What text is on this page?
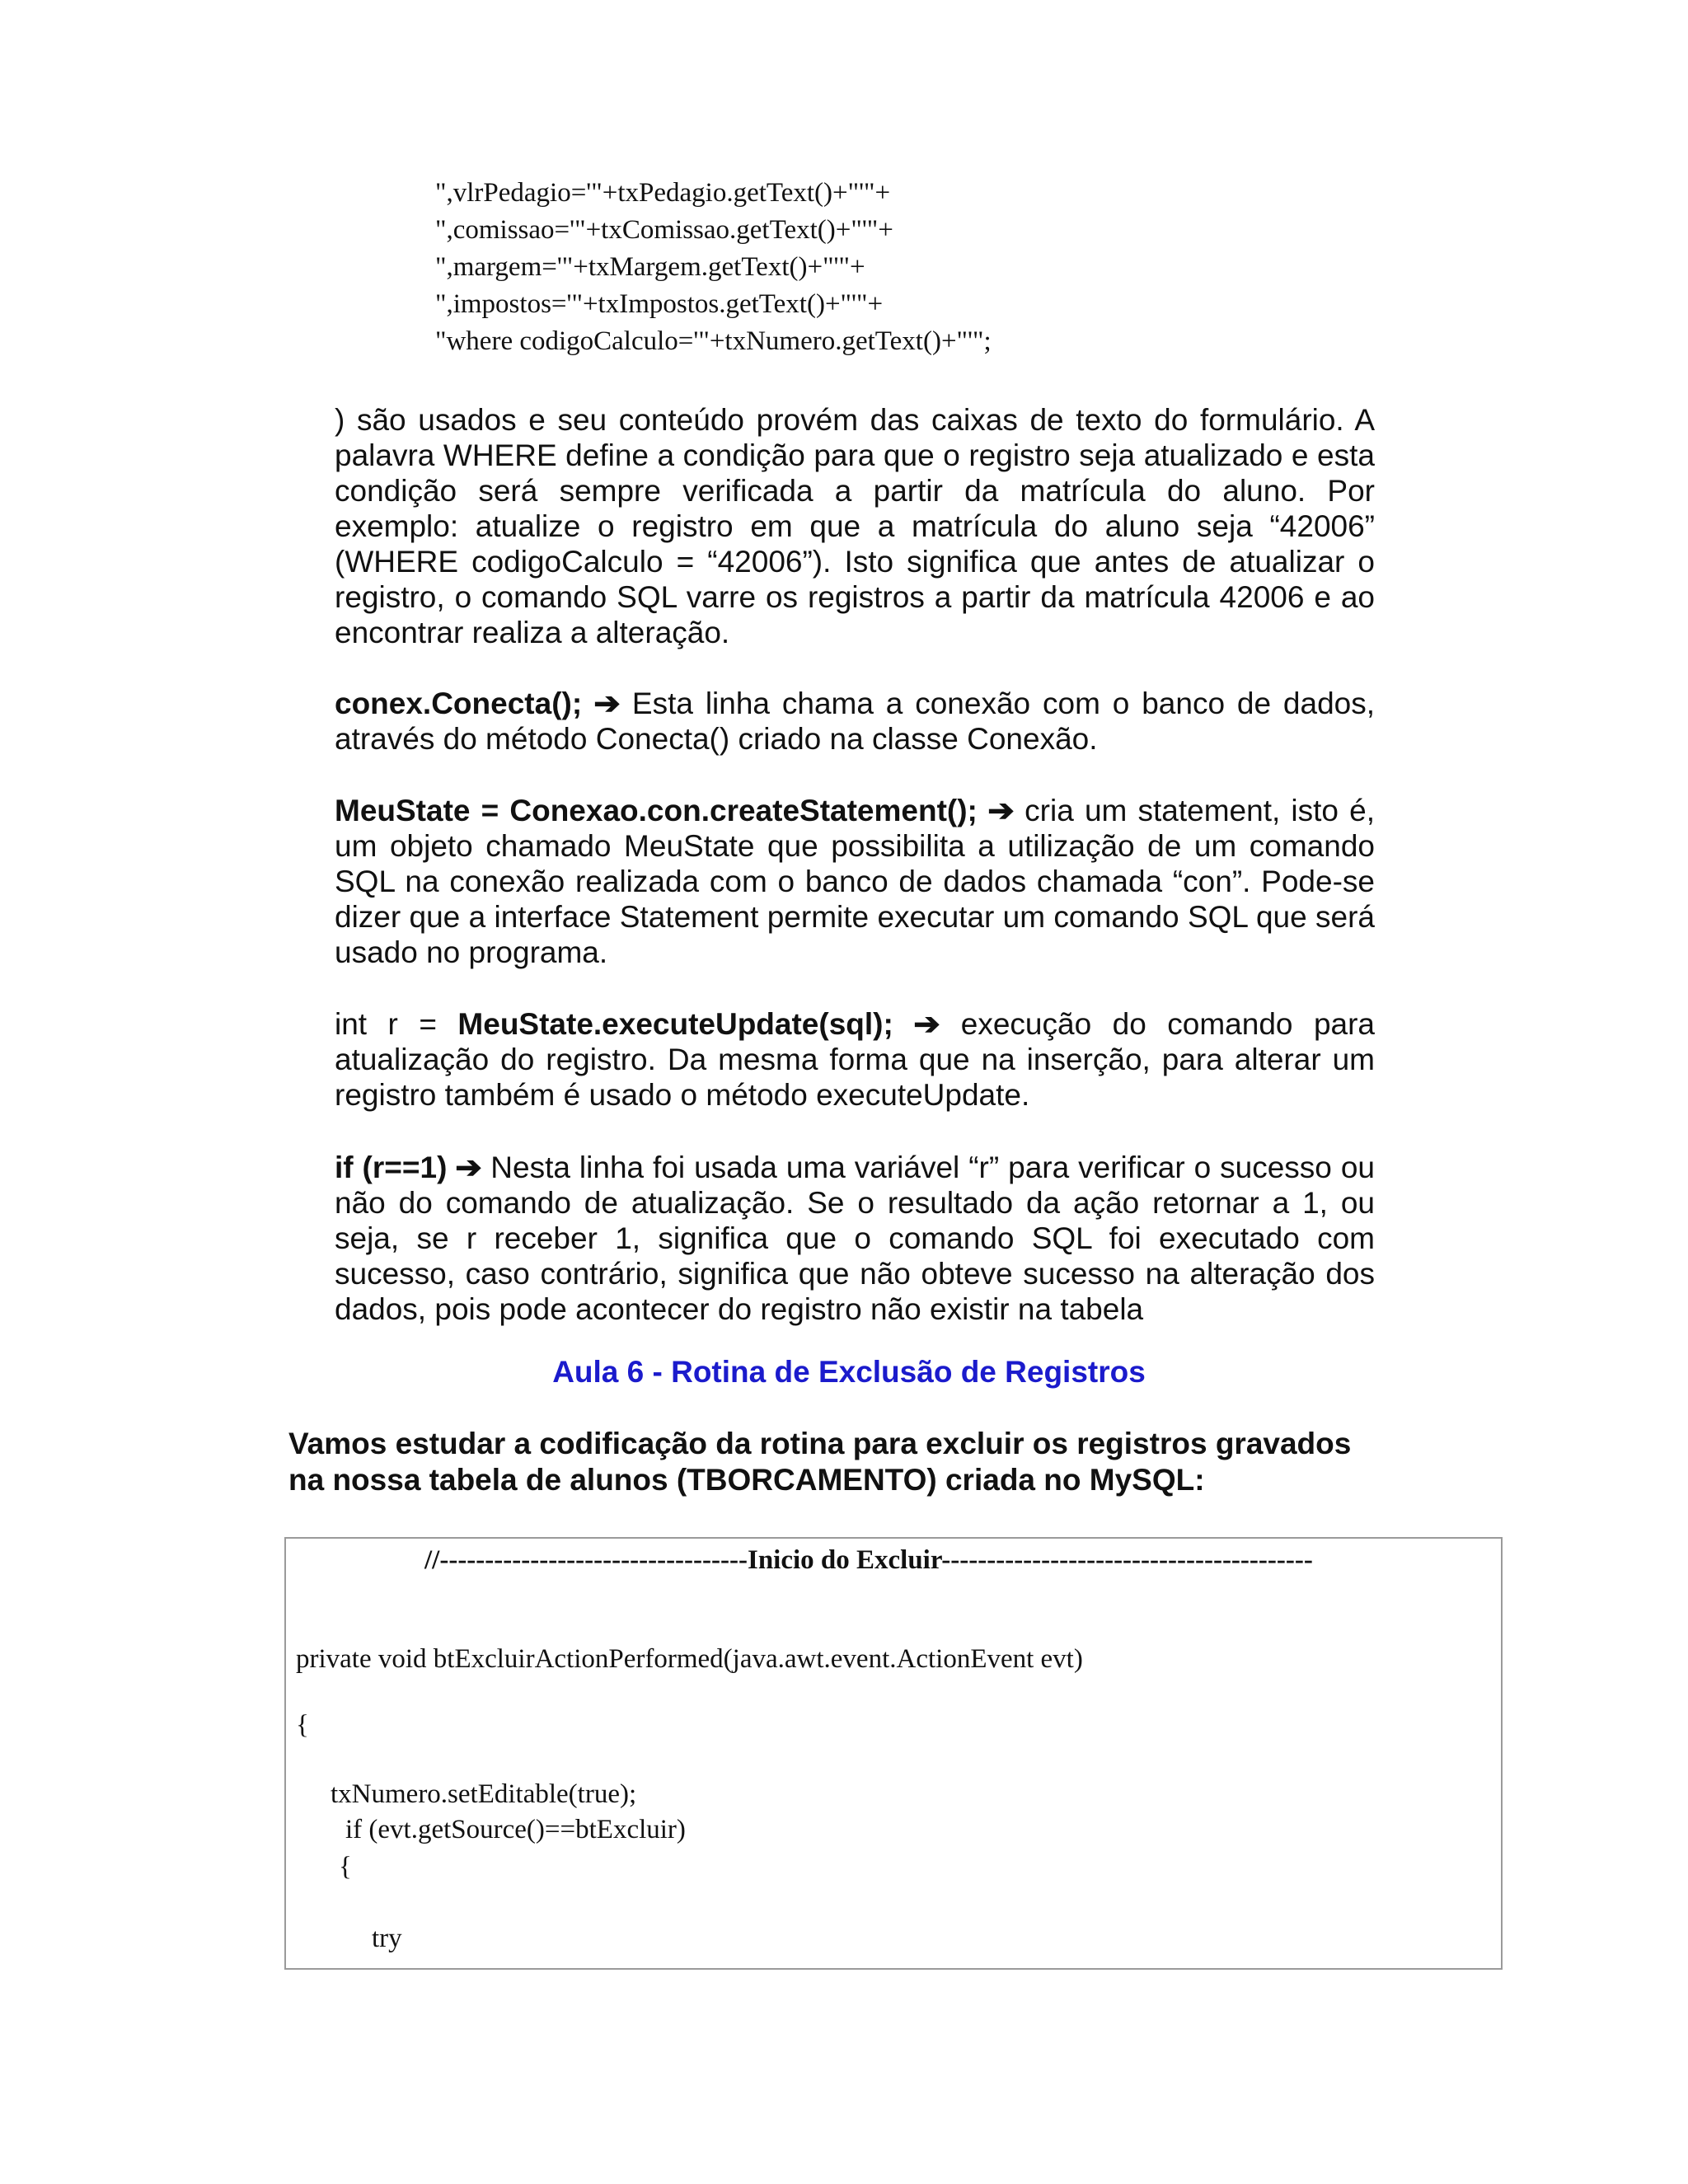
",vlrPedagio='"+txPedagio.getText()+"'"+
",comissao='"+txComissao.getText()+"'"+
",margem='"+txMargem.getText()+"'"+
",impostos='"+txImpostos.getText()+"'"+
"where codigoCalculo='"+txNumero.getText()+"'";
) são usados e seu conteúdo provém das caixas de texto do formulário. A palavra WHERE define a condição para que o registro seja atualizado e esta condição será sempre verificada a partir da matrícula do aluno. Por exemplo: atualize o registro em que a matrícula do aluno seja “42006” (WHERE codigoCalculo = “42006”). Isto significa que antes de atualizar o registro, o comando SQL varre os registros a partir da matrícula 42006 e ao encontrar realiza a alteração.
conex.Conecta(); ➔ Esta linha chama a conexão com o banco de dados, através do método Conecta() criado na classe Conexão.
MeuState = Conexao.con.createStatement(); ➔ cria um statement, isto é, um objeto chamado MeuState que possibilita a utilização de um comando SQL na conexão realizada com o banco de dados chamada “con”. Pode-se dizer que a interface Statement permite executar um comando SQL que será usado no programa.
int r = MeuState.executeUpdate(sql); ➔ execução do comando para atualização do registro. Da mesma forma que na inserção, para alterar um registro também é usado o método executeUpdate.
if (r==1) ➔ Nesta linha foi usada uma variável “r” para verificar o sucesso ou não do comando de atualização. Se o resultado da ação retornar a 1, ou seja, se r receber 1, significa que o comando SQL foi executado com sucesso, caso contrário, significa que não obteve sucesso na alteração dos dados, pois pode acontecer do registro não existir na tabela
Aula 6 - Rotina de Exclusão de Registros
Vamos estudar a codificação da rotina para excluir os registros gravados na nossa tabela de alunos (TBORCAMENTO) criada no MySQL:
//----------------------------------Inicio do Excluir-----------------------------------------
private void btExcluirActionPerformed(java.awt.event.ActionEvent evt)
{
txNumero.setEditable(true);
if (evt.getSource()==btExcluir)
{
try
